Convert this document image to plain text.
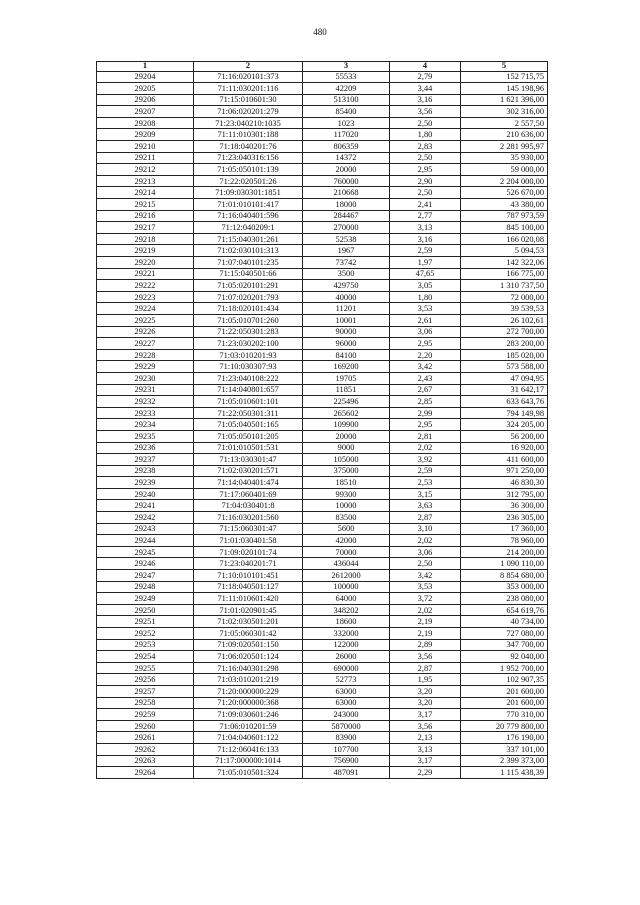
480
1	2	3	4	5
29204	71:16:020101:373	55533	2,79	152 715,75
29205	71:11:030201:116	42209	3,44	145 198,96
29206	71:15:010601:30	513100	3,16	1 621 396,00
29207	71:06:020201:279	85400	3,56	302 316,00
29208	71:23:040210:1035	1023	2,50	2 557,50
29209	71:11:010301:188	117020	1,80	210 636,00
29210	71:18:040201:76	806359	2,83	2 281 995,97
29211	71:23:040316:156	14372	2,50	35 930,00
29212	71:05:050101:139	20000	2,95	59 000,00
29213	71:22:020501:26	760000	2,90	2 204 000,00
29214	71:09:030301:1851	210668	2,50	526 670,00
29215	71:01:010101:417	18000	2,41	43 380,00
29216	71:16:040401:596	284467	2,77	787 973,59
29217	71:12:040209:1	270000	3,13	845 100,00
29218	71:15:040301:261	52538	3,16	166 020,08
29219	71:02:030101:313	1967	2,59	5 094,53
29220	71:07:040101:235	73742	1,97	142 322,06
29221	71:15:040501:66	3500	47,65	166 775,00
29222	71:05:020101:291	429750	3,05	1 310 737,50
29223	71:07:020201:793	40000	1,80	72 000,00
29224	71:18:020101:434	11201	3,53	39 539,53
29225	71:05:010701:260	10001	2,61	26 102,61
29226	71:22:050301:283	90000	3,06	272 700,00
29227	71:23:030202:100	96000	2,95	283 200,00
29228	71:03:010201:93	84100	2,20	185 020,00
29229	71:10:030307:93	169200	3,42	573 588,00
29230	71:23:040108:222	19705	2,43	47 094,95
29231	71:14:040801:657	11851	2,67	31 642,17
29232	71:05:010601:101	225496	2,85	633 643,76
29233	71:22:050301:311	265602	2,99	794 149,98
29234	71:05:040501:165	109900	2,95	324 205,00
29235	71:05:050101:205	20000	2,81	56 200,00
29236	71:01:010501:531	9000	2,02	16 920,00
29237	71:13:030301:47	105000	3,92	411 600,00
29238	71:02:030201:571	375000	2,59	971 250,00
29239	71:14:040401:474	18510	2,53	46 830,30
29240	71:17:060401:69	99300	3,15	312 795,00
29241	71:04:030401:8	10000	3,63	36 300,00
29242	71:16:030201:560	83500	2,87	236 305,00
29243	71:15:060301:47	5600	3,10	17 360,00
29244	71:01:030401:58	42000	2,02	78 960,00
29245	71:09:020101:74	70000	3,06	214 200,00
29246	71:23:040201:71	436044	2,50	1 090 110,00
29247	71:10:010101:451	2612000	3,42	8 854 680,00
29248	71:18:040501:127	100000	3,53	353 000,00
29249	71:11:010601:420	64000	3,72	238 080,00
29250	71:01:020901:45	348202	2,02	654 619,76
29251	71:02:030501:201	18600	2,19	40 734,00
29252	71:05:060301:42	332000	2,19	727 080,00
29253	71:09:020501:150	122000	2,89	347 700,00
29254	71:06:020501:124	26000	3,56	92 040,00
29255	71:16:040301:298	690000	2,87	1 952 700,00
29256	71:03:010201:219	52773	1,95	102 907,35
29257	71:20:000000:229	63000	3,20	201 600,00
29258	71:20:000000:368	63000	3,20	201 600,00
29259	71:09:030601:246	243000	3,17	770 310,00
29260	71:06:010201:59	5870000	3,56	20 779 800,00
29261	71:04:040601:122	83900	2,13	176 190,00
29262	71:12:060416:133	107700	3,13	337 101,00
29263	71:17:000000:1014	756900	3,17	2 399 373,00
29264	71:05:010501:324	487091	2,29	1 115 438,39
